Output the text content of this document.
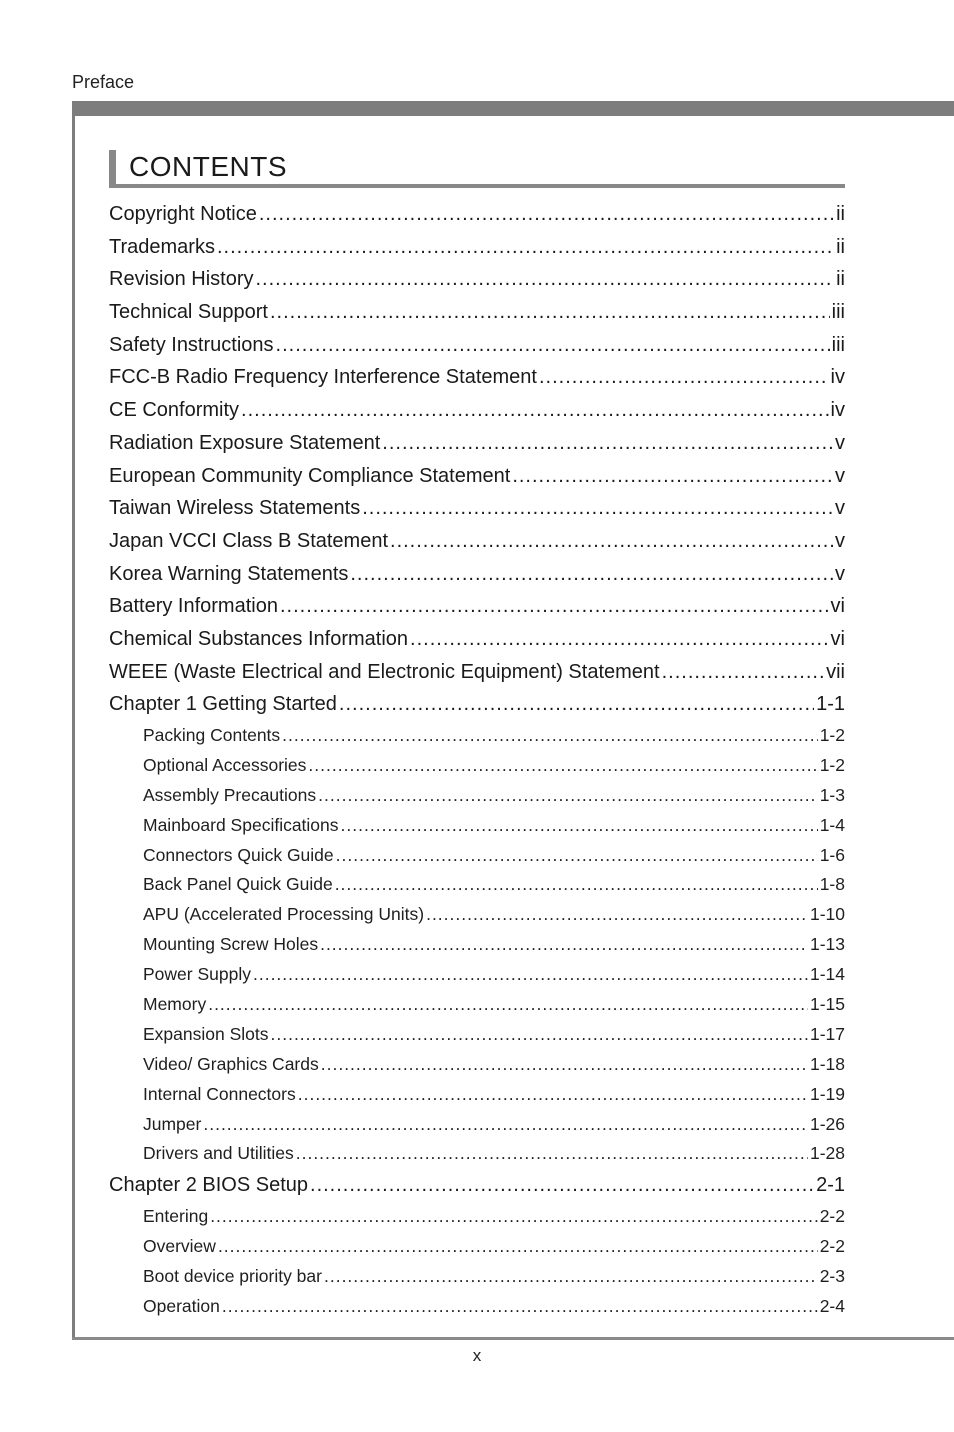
Preface
CONTENTS
Copyright Notice .....	ii
Trademarks .....	ii
Revision History .....	ii
Technical Support .....	iii
Safety Instructions .....	iii
FCC-B Radio Frequency Interference Statement .....	iv
CE Conformity .....	iv
Radiation Exposure Statement .....	v
European Community Compliance Statement .....	v
Taiwan Wireless Statements .....	v
Japan VCCI Class B Statement .....	v
Korea Warning Statements .....	v
Battery Information .....	vi
Chemical Substances Information .....	vi
WEEE (Waste Electrical and Electronic Equipment) Statement .....	vii
Chapter 1 Getting Started .....	1-1
Packing Contents .....	1-2
Optional Accessories .....	1-2
Assembly Precautions .....	1-3
Mainboard Specifications .....	1-4
Connectors Quick Guide .....	1-6
Back Panel Quick Guide .....	1-8
APU (Accelerated Processing Units) .....	1-10
Mounting Screw Holes .....	1-13
Power Supply .....	1-14
Memory .....	1-15
Expansion Slots .....	1-17
Video/ Graphics Cards .....	1-18
Internal Connectors .....	1-19
Jumper .....	1-26
Drivers and Utilities .....	1-28
Chapter 2 BIOS Setup .....	2-1
Entering .....	2-2
Overview .....	2-2
Boot device priority bar .....	2-3
Operation .....	2-4
x
